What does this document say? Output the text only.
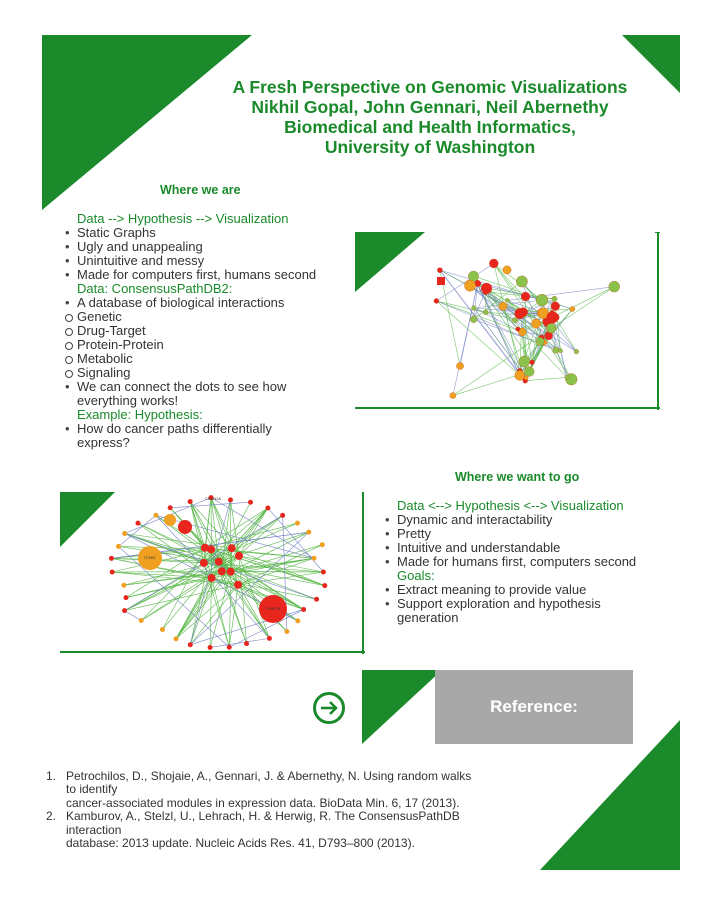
A Fresh Perspective on Genomic Visualizations
Nikhil Gopal, John Gennari, Neil Abernethy
Biomedical and Health Informatics,
University of Washington
Where we are
Data --> Hypothesis --> Visualization
• Static Graphs
• Ugly and unappealing
• Unintuitive and messy
• Made for computers first, humans second
Data: ConsensusPathDB2:
• A database of biological interactions
Genetic
Drug-Target
Protein-Protein
Metabolic
Signaling
• We can connect the dots to see how
everything works!
Example: Hypothesis:
• How do cancer paths differentially
express?
Where we want to go
ITGB1
PRKCB
CDKN2A	Data <--> Hypothesis <--> Visualization
• Dynamic and interactability
• Pretty
• Intuitive and understandable
• Made for humans first, computers second
Goals:
• Extract meaning to provide value
• Support exploration and hypothesis
generation
Reference:
1. Petrochilos, D., Shojaie, A., Gennari, J. & Abernethy, N. Using random walks
to identify
cancer-associated modules in expression data. BioData Min. 6, 17 (2013).
2. Kamburov, A., Stelzl, U., Lehrach, H. & Herwig, R. The ConsensusPathDB
interaction
database: 2013 update. Nucleic Acids Res. 41, D793–800 (2013).
